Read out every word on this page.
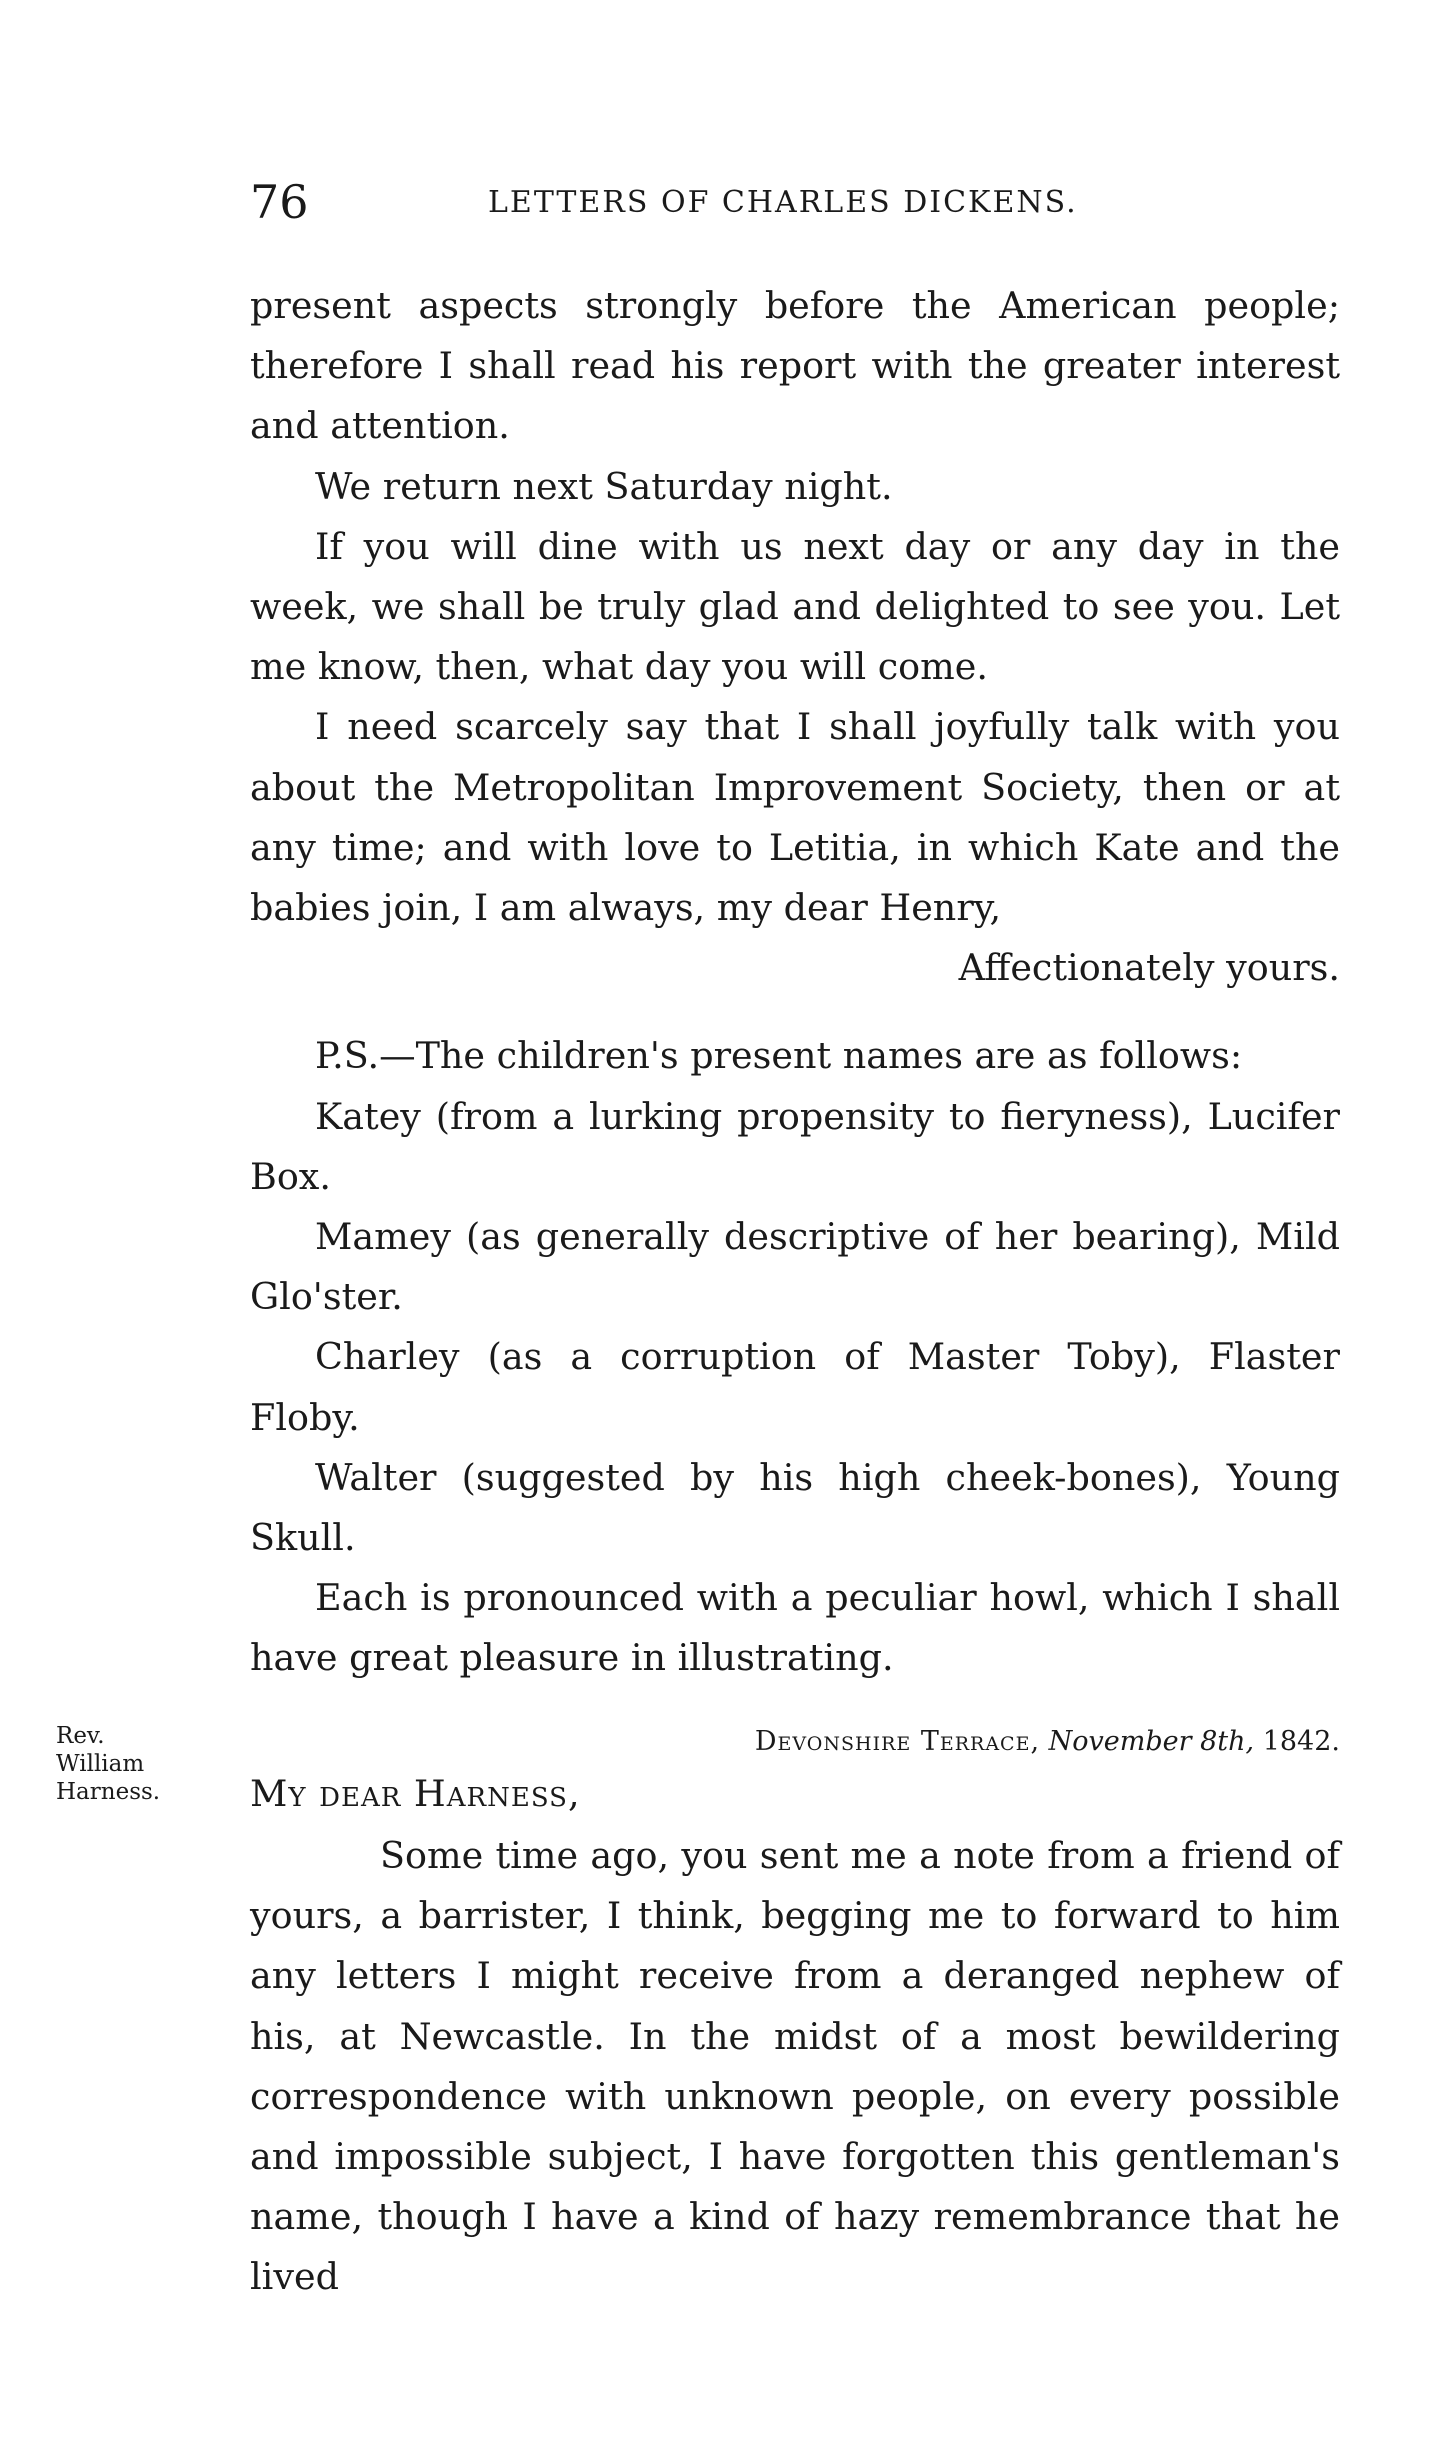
76	LETTERS OF CHARLES DICKENS.

present aspects strongly before the American people; therefore I shall read his report with the greater interest and attention.

We return next Saturday night.

If you will dine with us next day or any day in the week, we shall be truly glad and delighted to see you. Let me know, then, what day you will come.

I need scarcely say that I shall joyfully talk with you about the Metropolitan Improvement Society, then or at any time; and with love to Letitia, in which Kate and the babies join, I am always, my dear Henry,

Affectionately yours.

P.S.—The children's present names are as follows:

Katey (from a lurking propensity to fieryness), Lucifer Box.

Mamey (as generally descriptive of her bearing), Mild Glo'ster.

Charley (as a corruption of Master Toby), Flaster Floby.

Walter (suggested by his high cheek-bones), Young Skull.

Each is pronounced with a peculiar howl, which I shall have great pleasure in illustrating.

Rev.
William
Harness.
Devonshire Terrace, November 8th, 1842.
My dear Harness,

Some time ago, you sent me a note from a friend of yours, a barrister, I think, begging me to forward to him any letters I might receive from a deranged nephew of his, at Newcastle. In the midst of a most bewildering correspondence with unknown people, on every possible and impossible subject, I have forgotten this gentleman's name, though I have a kind of hazy remembrance that he lived
